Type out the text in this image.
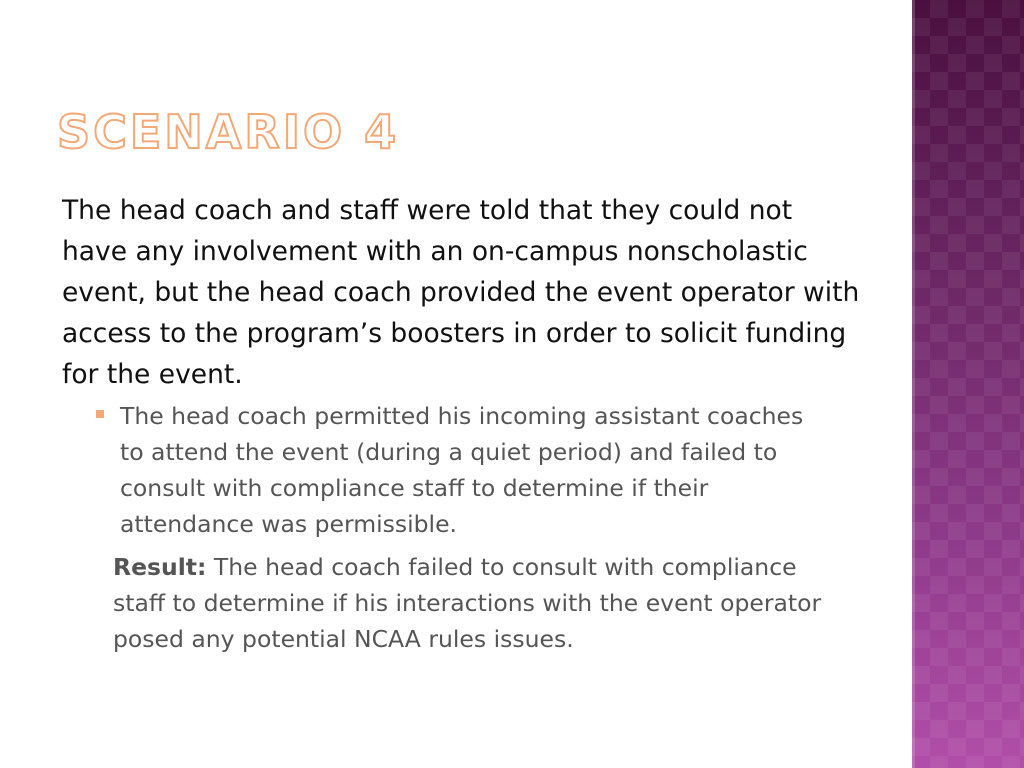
SCENARIO 4

The head coach and staff were told that they could not have any involvement with an on-campus nonscholastic event, but the head coach provided the event operator with access to the program’s boosters in order to solicit funding for the event.

The head coach permitted his incoming assistant coaches to attend the event (during a quiet period) and failed to consult with compliance staff to determine if their attendance was permissible.

Result: The head coach failed to consult with compliance staff to determine if his interactions with the event operator posed any potential NCAA rules issues.
